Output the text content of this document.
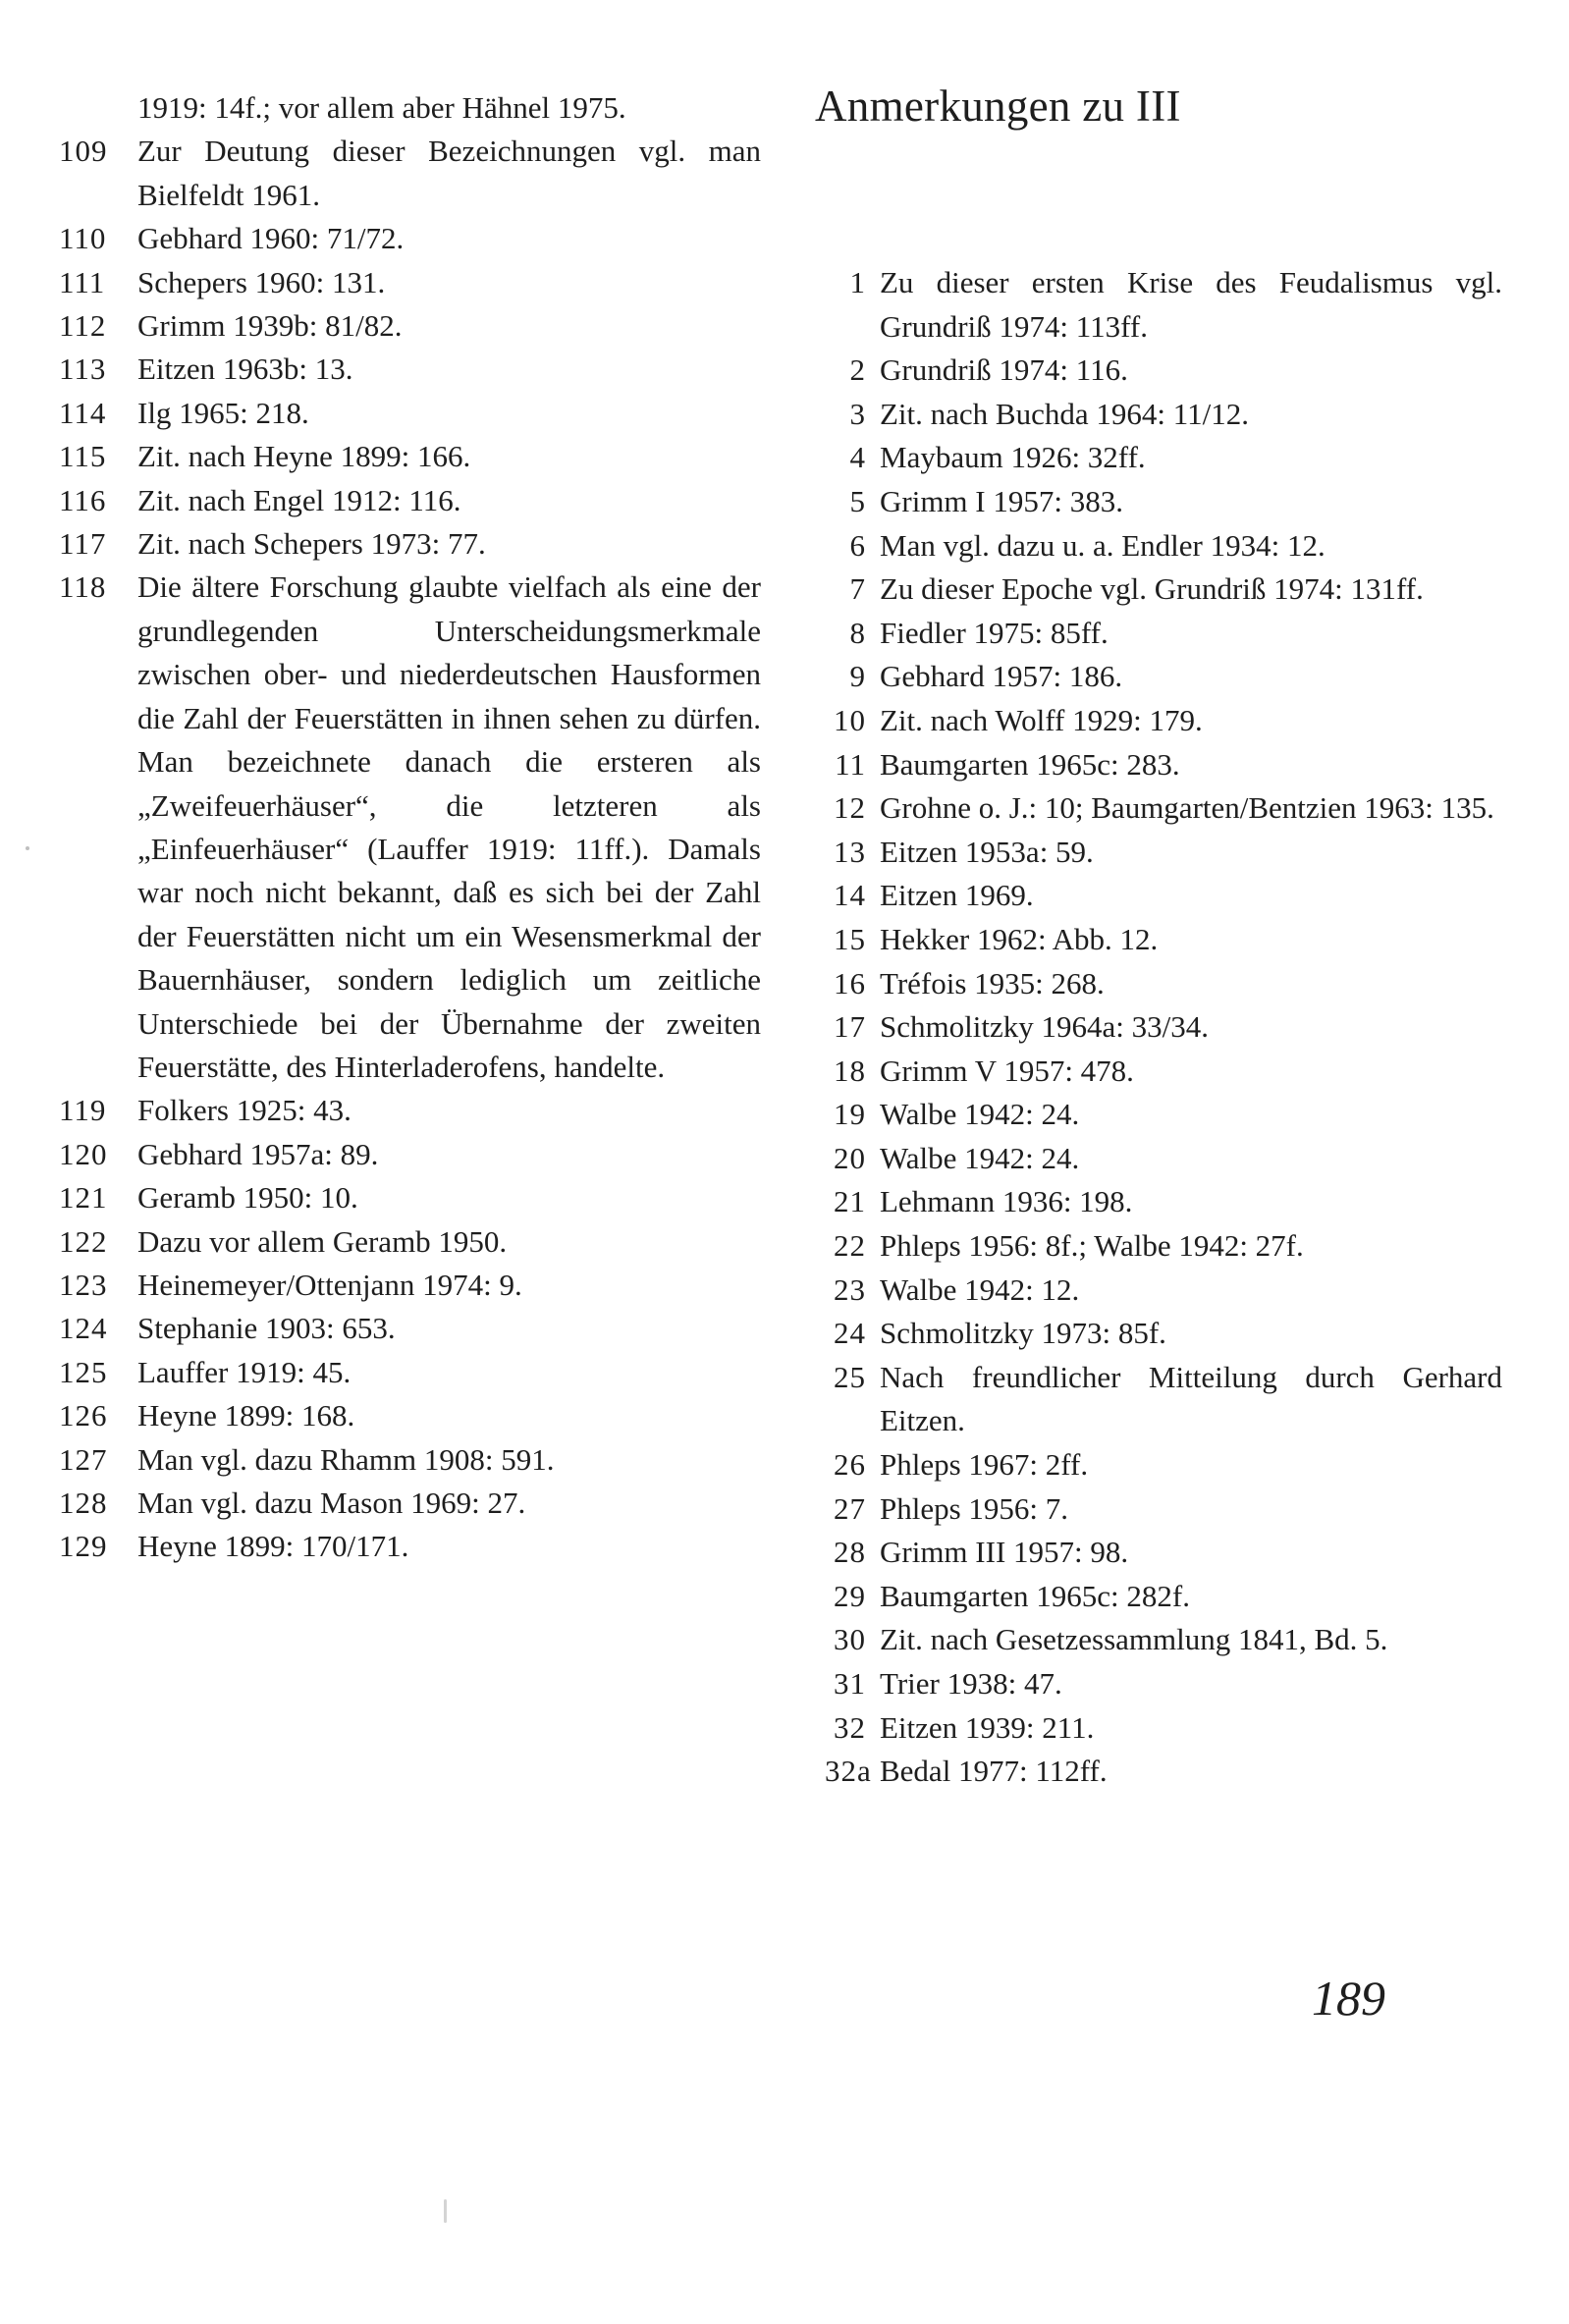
1919: 14f.; vor allem aber Hähnel 1975.
109 Zur Deutung dieser Bezeichnungen vgl. man Bielfeldt 1961.
110	Gebhard 1960: 71/72.
111	Schepers 1960: 131.
112	Grimm 1939b: 81/82.
113	Eitzen 1963b: 13.
114	Ilg 1965: 218.
115	Zit. nach Heyne 1899: 166.
116	Zit. nach Engel 1912: 116.
117	Zit. nach Schepers 1973: 77.
118	Die ältere Forschung glaubte vielfach als eine der grundlegenden Unterscheidungsmerkmale zwischen ober- und niederdeutschen Hausformen die Zahl der Feuerstätten in ihnen sehen zu dürfen. Man bezeichnete danach die ersteren als „Zweifeuerhäuser“, die letzteren als „Einfeuerhäuser“ (Lauffer 1919: 11ff.). Damals war noch nicht bekannt, daß es sich bei der Zahl der Feuerstätten nicht um ein Wesensmerkmal der Bauernhäuser, sondern lediglich um zeitliche Unterschiede bei der Übernahme der zweiten Feuerstätte, des Hinterladerofens, handelte.
119	Folkers 1925: 43.
120 Gebhard 1957a: 89.
121 Geramb 1950: 10.
122 Dazu vor allem Geramb 1950.
123 Heinemeyer/Ottenjann 1974: 9.
124 Stephanie 1903: 653.
125 Lauffer 1919: 45.
126 Heyne 1899: 168.
127 Man vgl. dazu Rhamm 1908: 591.
128 Man vgl. dazu Mason 1969: 27.
129 Heyne 1899: 170/171.
Anmerkungen zu III
1 Zu dieser ersten Krise des Feudalismus vgl. Grundriß 1974: 113ff.
2 Grundriß 1974: 116.
3 Zit. nach Buchda 1964: 11/12.
4 Maybaum 1926: 32ff.
5 Grimm I 1957: 383.
6 Man vgl. dazu u. a. Endler 1934: 12.
7 Zu dieser Epoche vgl. Grundriß 1974: 131ff.
8 Fiedler 1975: 85ff.
9 Gebhard 1957: 186.
10 Zit. nach Wolff 1929: 179.
11 Baumgarten 1965c: 283.
12 Grohne o. J.: 10; Baumgarten/Bentzien 1963: 135.
13 Eitzen 1953a: 59.
14 Eitzen 1969.
15 Hekker 1962: Abb. 12.
16 Tréfois 1935: 268.
17 Schmolitzky 1964a: 33/34.
18 Grimm V 1957: 478.
19 Walbe 1942: 24.
20 Walbe 1942: 24.
21 Lehmann 1936: 198.
22 Phleps 1956: 8f.; Walbe 1942: 27f.
23 Walbe 1942: 12.
24 Schmolitzky 1973: 85f.
25 Nach freundlicher Mitteilung durch Gerhard Eitzen.
26 Phleps 1967: 2ff.
27 Phleps 1956: 7.
28 Grimm III 1957: 98.
29 Baumgarten 1965c: 282f.
30 Zit. nach Gesetzessammlung 1841, Bd. 5.
31 Trier 1938: 47.
32 Eitzen 1939: 211.
32a Bedal 1977: 112ff.
189
